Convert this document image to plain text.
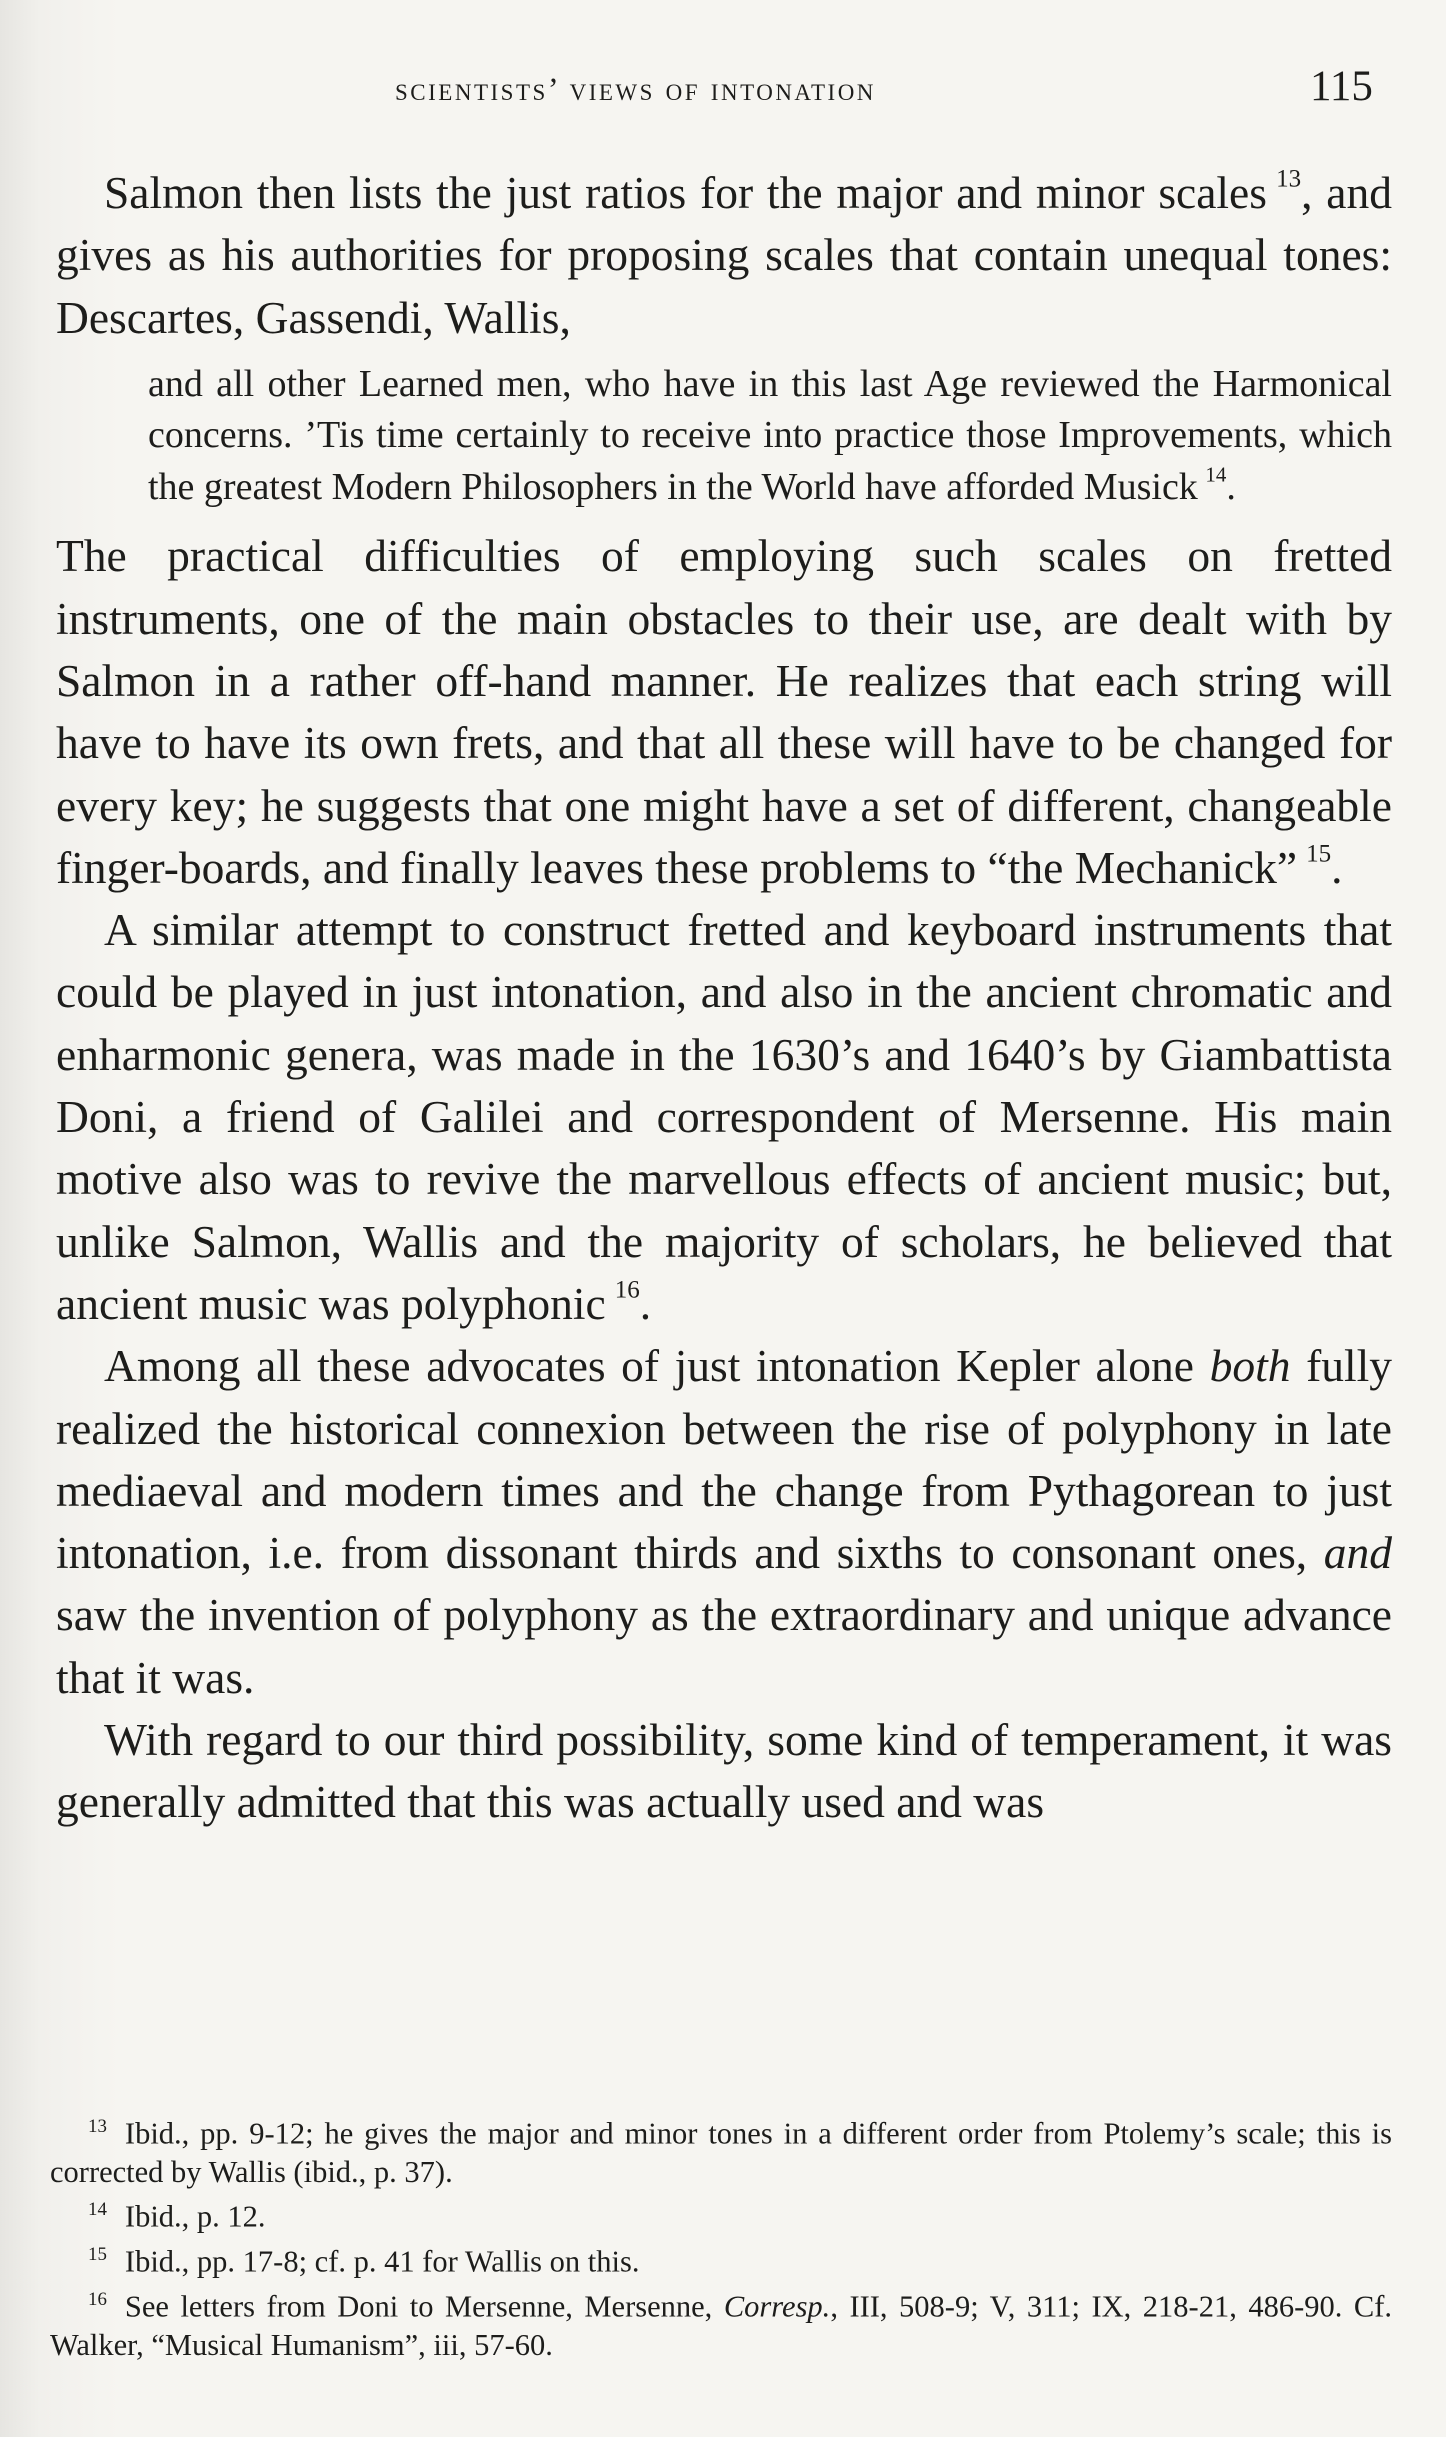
scientists’ views of intonation	115

Salmon then lists the just ratios for the major and minor scales  $^{13}$, and gives as his authorities for proposing scales that contain unequal tones: Descartes, Gassendi, Wallis,

and all other Learned men, who have in this last Age reviewed the Harmonical concerns. ’Tis time certainly to receive into practice those Improvements, which the greatest Modern Philosophers in the World have afforded Musick  $^{14}$.

The practical difficulties of employing such scales on fretted instruments, one of the main obstacles to their use, are dealt with by Salmon in a rather off-hand manner. He realizes that each string will have to have its own frets, and that all these will have to be changed for every key; he suggests that one might have a set of different, changeable finger-boards, and finally leaves these problems to “the Mechanick”  $^{15}$.

A similar attempt to construct fretted and keyboard instruments that could be played in just intonation, and also in the ancient chromatic and enharmonic genera, was made in the 1630’s and 1640’s by Giambattista Doni, a friend of Galilei and correspondent of Mersenne. His main motive also was to revive the marvellous effects of ancient music; but, unlike Salmon, Wallis and the majority of scholars, he believed that ancient music was polyphonic  $^{16}$.

Among all these advocates of just intonation Kepler alone both fully realized the historical connexion between the rise of polyphony in late mediaeval and modern times and the change from Pythagorean to just intonation, i.e. from dissonant thirds and sixths to consonant ones, and saw the invention of polyphony as the extraordinary and unique advance that it was.

With regard to our third possibility, some kind of temperament, it was generally admitted that this was actually used and was

$^{13}$ Ibid., pp. 9-12; he gives the major and minor tones in a different order from Ptolemy’s scale; this is corrected by Wallis (ibid., p. 37).

$^{14}$ Ibid., p. 12.

$^{15}$ Ibid., pp. 17-8; cf. p. 41 for Wallis on this.

$^{16}$ See letters from Doni to Mersenne, Mersenne, Corresp., III, 508-9; V, 311; IX, 218-21, 486-90. Cf. Walker, “Musical Humanism”, iii, 57-60.
